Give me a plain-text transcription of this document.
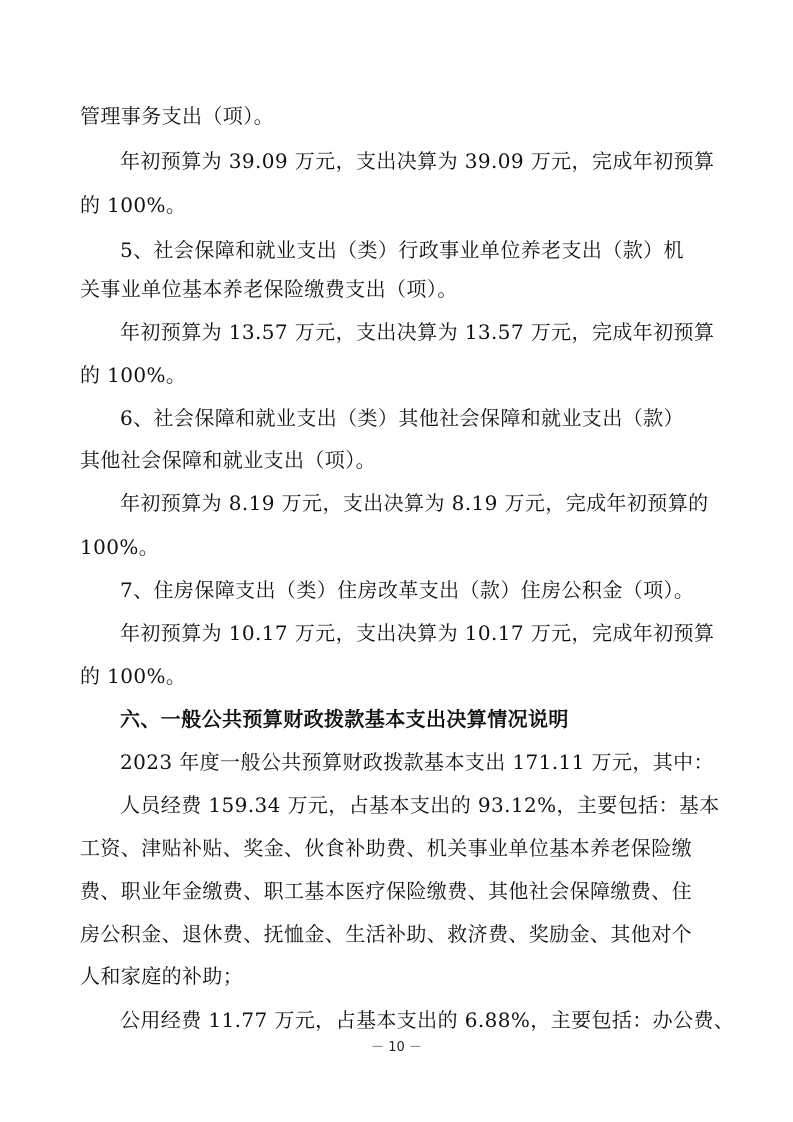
管理事务支出（项）。
年初预算为 39.09 万元，支出决算为 39.09 万元，完成年初预算
的 100%。
5、社会保障和就业支出（类）行政事业单位养老支出（款）机
关事业单位基本养老保险缴费支出（项）。
年初预算为 13.57 万元，支出决算为 13.57 万元，完成年初预算
的 100%。
6、社会保障和就业支出（类）其他社会保障和就业支出（款）
其他社会保障和就业支出（项）。
年初预算为 8.19 万元，支出决算为 8.19 万元，完成年初预算的
100%。
7、住房保障支出（类）住房改革支出（款）住房公积金（项）。
年初预算为 10.17 万元，支出决算为 10.17 万元，完成年初预算
的 100%。
六、一般公共预算财政拨款基本支出决算情况说明
2023 年度一般公共预算财政拨款基本支出 171.11 万元，其中：
人员经费 159.34 万元，占基本支出的 93.12%，主要包括：基本
工资、津贴补贴、奖金、伙食补助费、机关事业单位基本养老保险缴
费、职业年金缴费、职工基本医疗保险缴费、其他社会保障缴费、住
房公积金、退休费、抚恤金、生活补助、救济费、奖励金、其他对个
人和家庭的补助；
公用经费 11.77 万元，占基本支出的 6.88%，主要包括：办公费、
－ 10 －
